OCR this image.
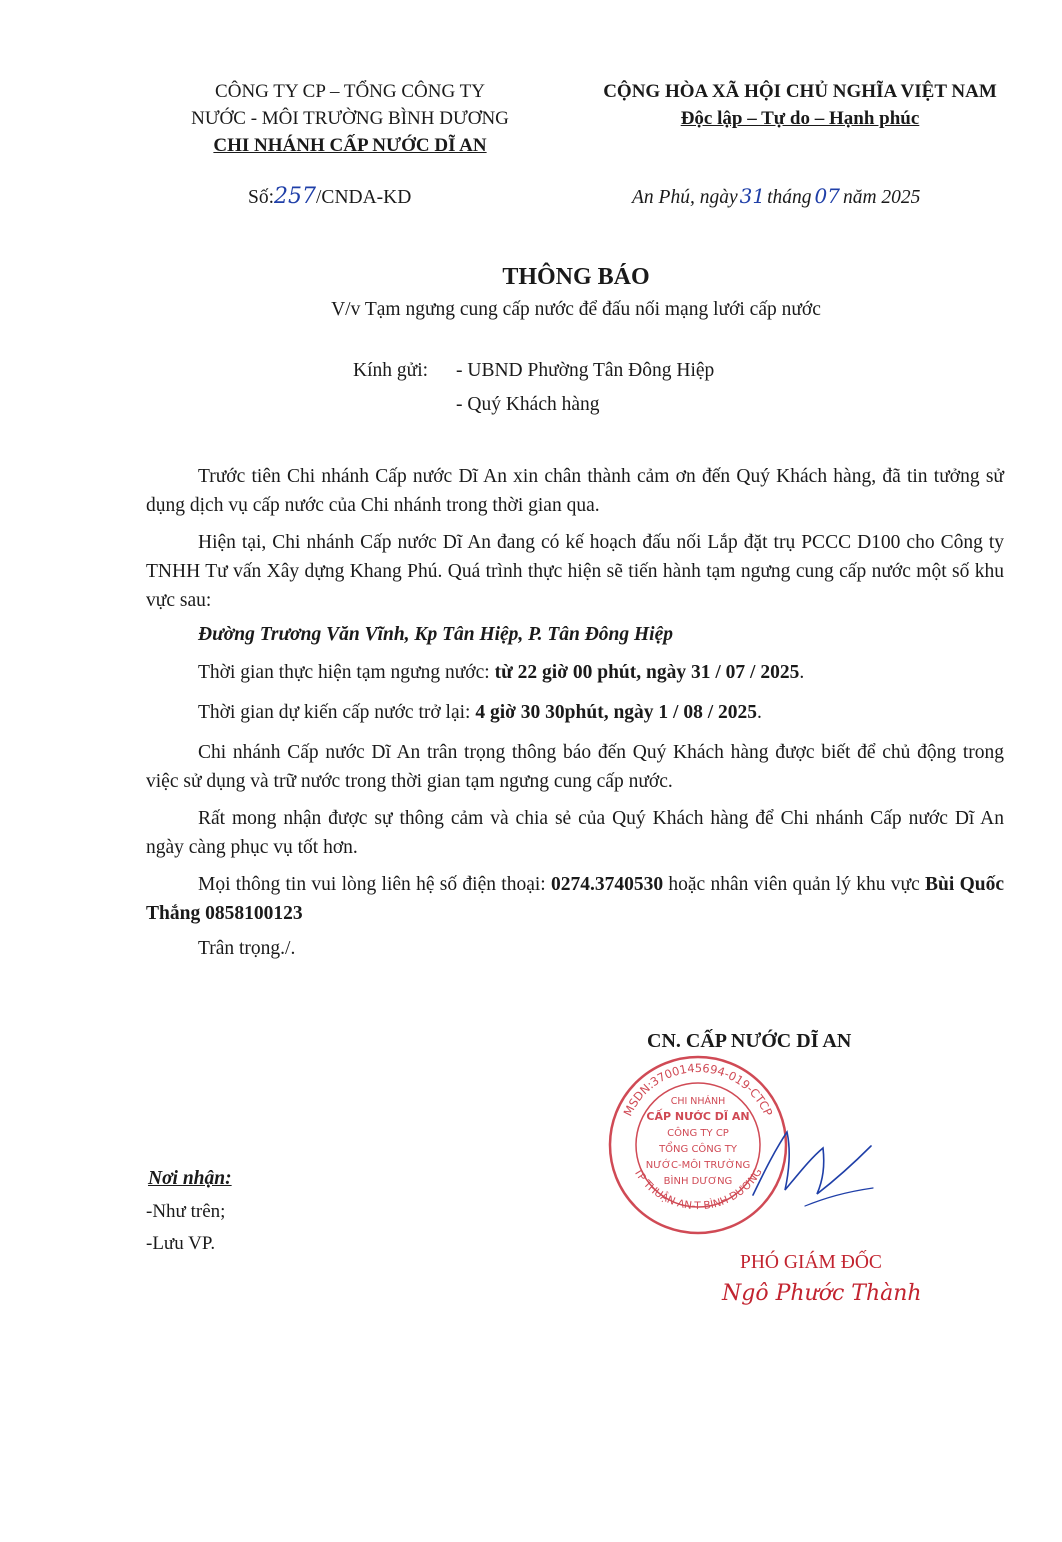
CÔNG TY CP – TỔNG CÔNG TY
NƯỚC - MÔI TRƯỜNG BÌNH DƯƠNG
CHI NHÁNH CẤP NƯỚC DĨ AN
CỘNG HÒA XÃ HỘI CHỦ NGHĨA VIỆT NAM
Độc lập – Tự do – Hạnh phúc
Số:257/CNDA-KD	An Phú, ngày 31 tháng 07 năm 2025
THÔNG BÁO
V/v Tạm ngưng cung cấp nước để đấu nối mạng lưới cấp nước
Kính gửi: - UBND Phường Tân Đông Hiệp
- Quý Khách hàng
Trước tiên Chi nhánh Cấp nước Dĩ An xin chân thành cảm ơn đến Quý Khách hàng, đã tin tưởng sử dụng dịch vụ cấp nước của Chi nhánh trong thời gian qua.
Hiện tại, Chi nhánh Cấp nước Dĩ An đang có kế hoạch đấu nối Lắp đặt trụ PCCC D100 cho Công ty TNHH Tư vấn Xây dựng Khang Phú. Quá trình thực hiện sẽ tiến hành tạm ngưng cung cấp nước một số khu vực sau:
Đường Trương Văn Vĩnh, Kp Tân Hiệp, P. Tân Đông Hiệp
Thời gian thực hiện tạm ngưng nước: từ 22 giờ 00 phút, ngày 31 / 07 / 2025.
Thời gian dự kiến cấp nước trở lại: 4 giờ 30 30phút, ngày 1 / 08 / 2025.
Chi nhánh Cấp nước Dĩ An trân trọng thông báo đến Quý Khách hàng được biết để chủ động trong việc sử dụng và trữ nước trong thời gian tạm ngưng cung cấp nước.
Rất mong nhận được sự thông cảm và chia sẻ của Quý Khách hàng để Chi nhánh Cấp nước Dĩ An ngày càng phục vụ tốt hơn.
Mọi thông tin vui lòng liên hệ số điện thoại: 0274.3740530 hoặc nhân viên quản lý khu vực Bùi Quốc Thắng 0858100123
Trân trọng./.
CN. CẤP NƯỚC DĨ AN
MSDN:3700145694-019-CTCP
TP THUẬN AN-T BÌNH DƯƠNG
CHI NHÁNH
CẤP NƯỚC DĨ AN
CÔNG TY CP
TỔNG CÔNG TY
NƯỚC-MÔI TRƯỜNG
BÌNH DƯƠNG
PHÓ GIÁM ĐỐC
Ngô Phước Thành
Nơi nhận:
-Như trên;
-Lưu VP.
